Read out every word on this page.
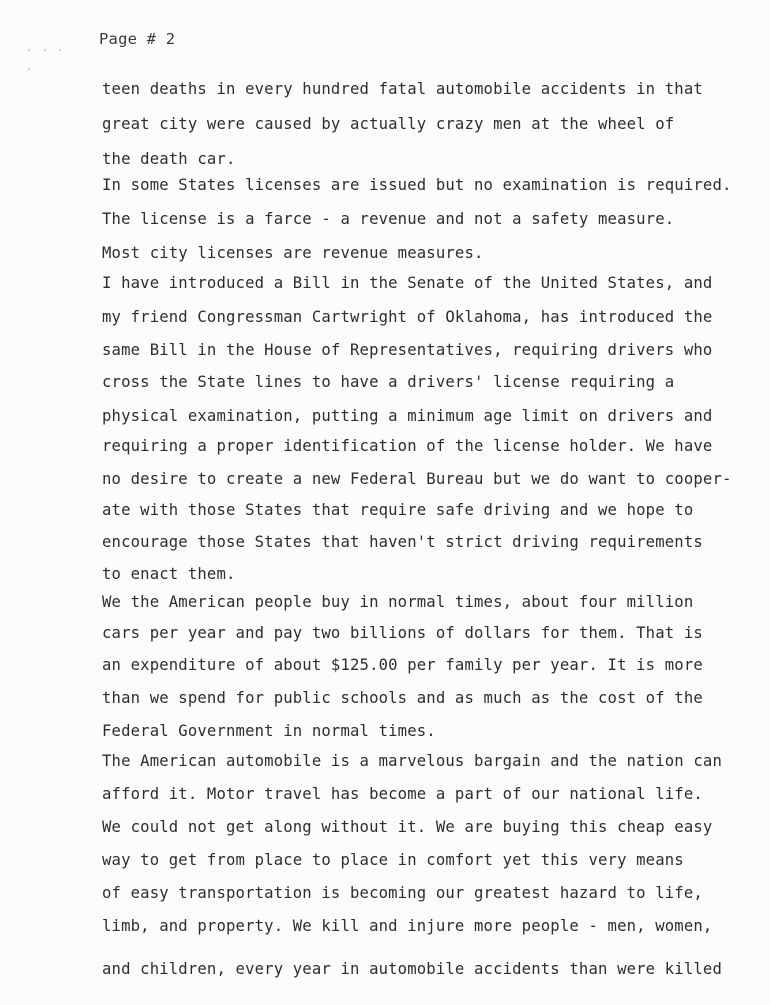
Page # 2
teen deaths in every hundred fatal automobile accidents in that
great city were caused by actually crazy men at the wheel of
the death car.
In some States licenses are issued but no examination is required.
The license is a farce - a revenue and not a safety measure.
Most city licenses are revenue measures.
I have introduced a Bill in the Senate of the United States, and
my friend Congressman Cartwright of Oklahoma, has introduced the
same Bill in the House of Representatives, requiring drivers who
cross the State lines to have a drivers' license requiring a
physical examination, putting a minimum age limit on drivers and
requiring a proper identification of the license holder. We have
no desire to create a new Federal Bureau but we do want to cooper-
ate with those States that require safe driving and we hope to
encourage those States that haven't strict driving requirements
to enact them.
We the American people buy in normal times, about four million
cars per year and pay two billions of dollars for them. That is
an expenditure of about $125.00 per family per year. It is more
than we spend for public schools and as much as the cost of the
Federal Government in normal times.
The American automobile is a marvelous bargain and the nation can
afford it. Motor travel has become a part of our national life.
We could not get along without it. We are buying this cheap easy
way to get from place to place in comfort yet this very means
of easy transportation is becoming our greatest hazard to life,
limb, and property. We kill and injure more people - men, women,
and children, every year in automobile accidents than were killed
